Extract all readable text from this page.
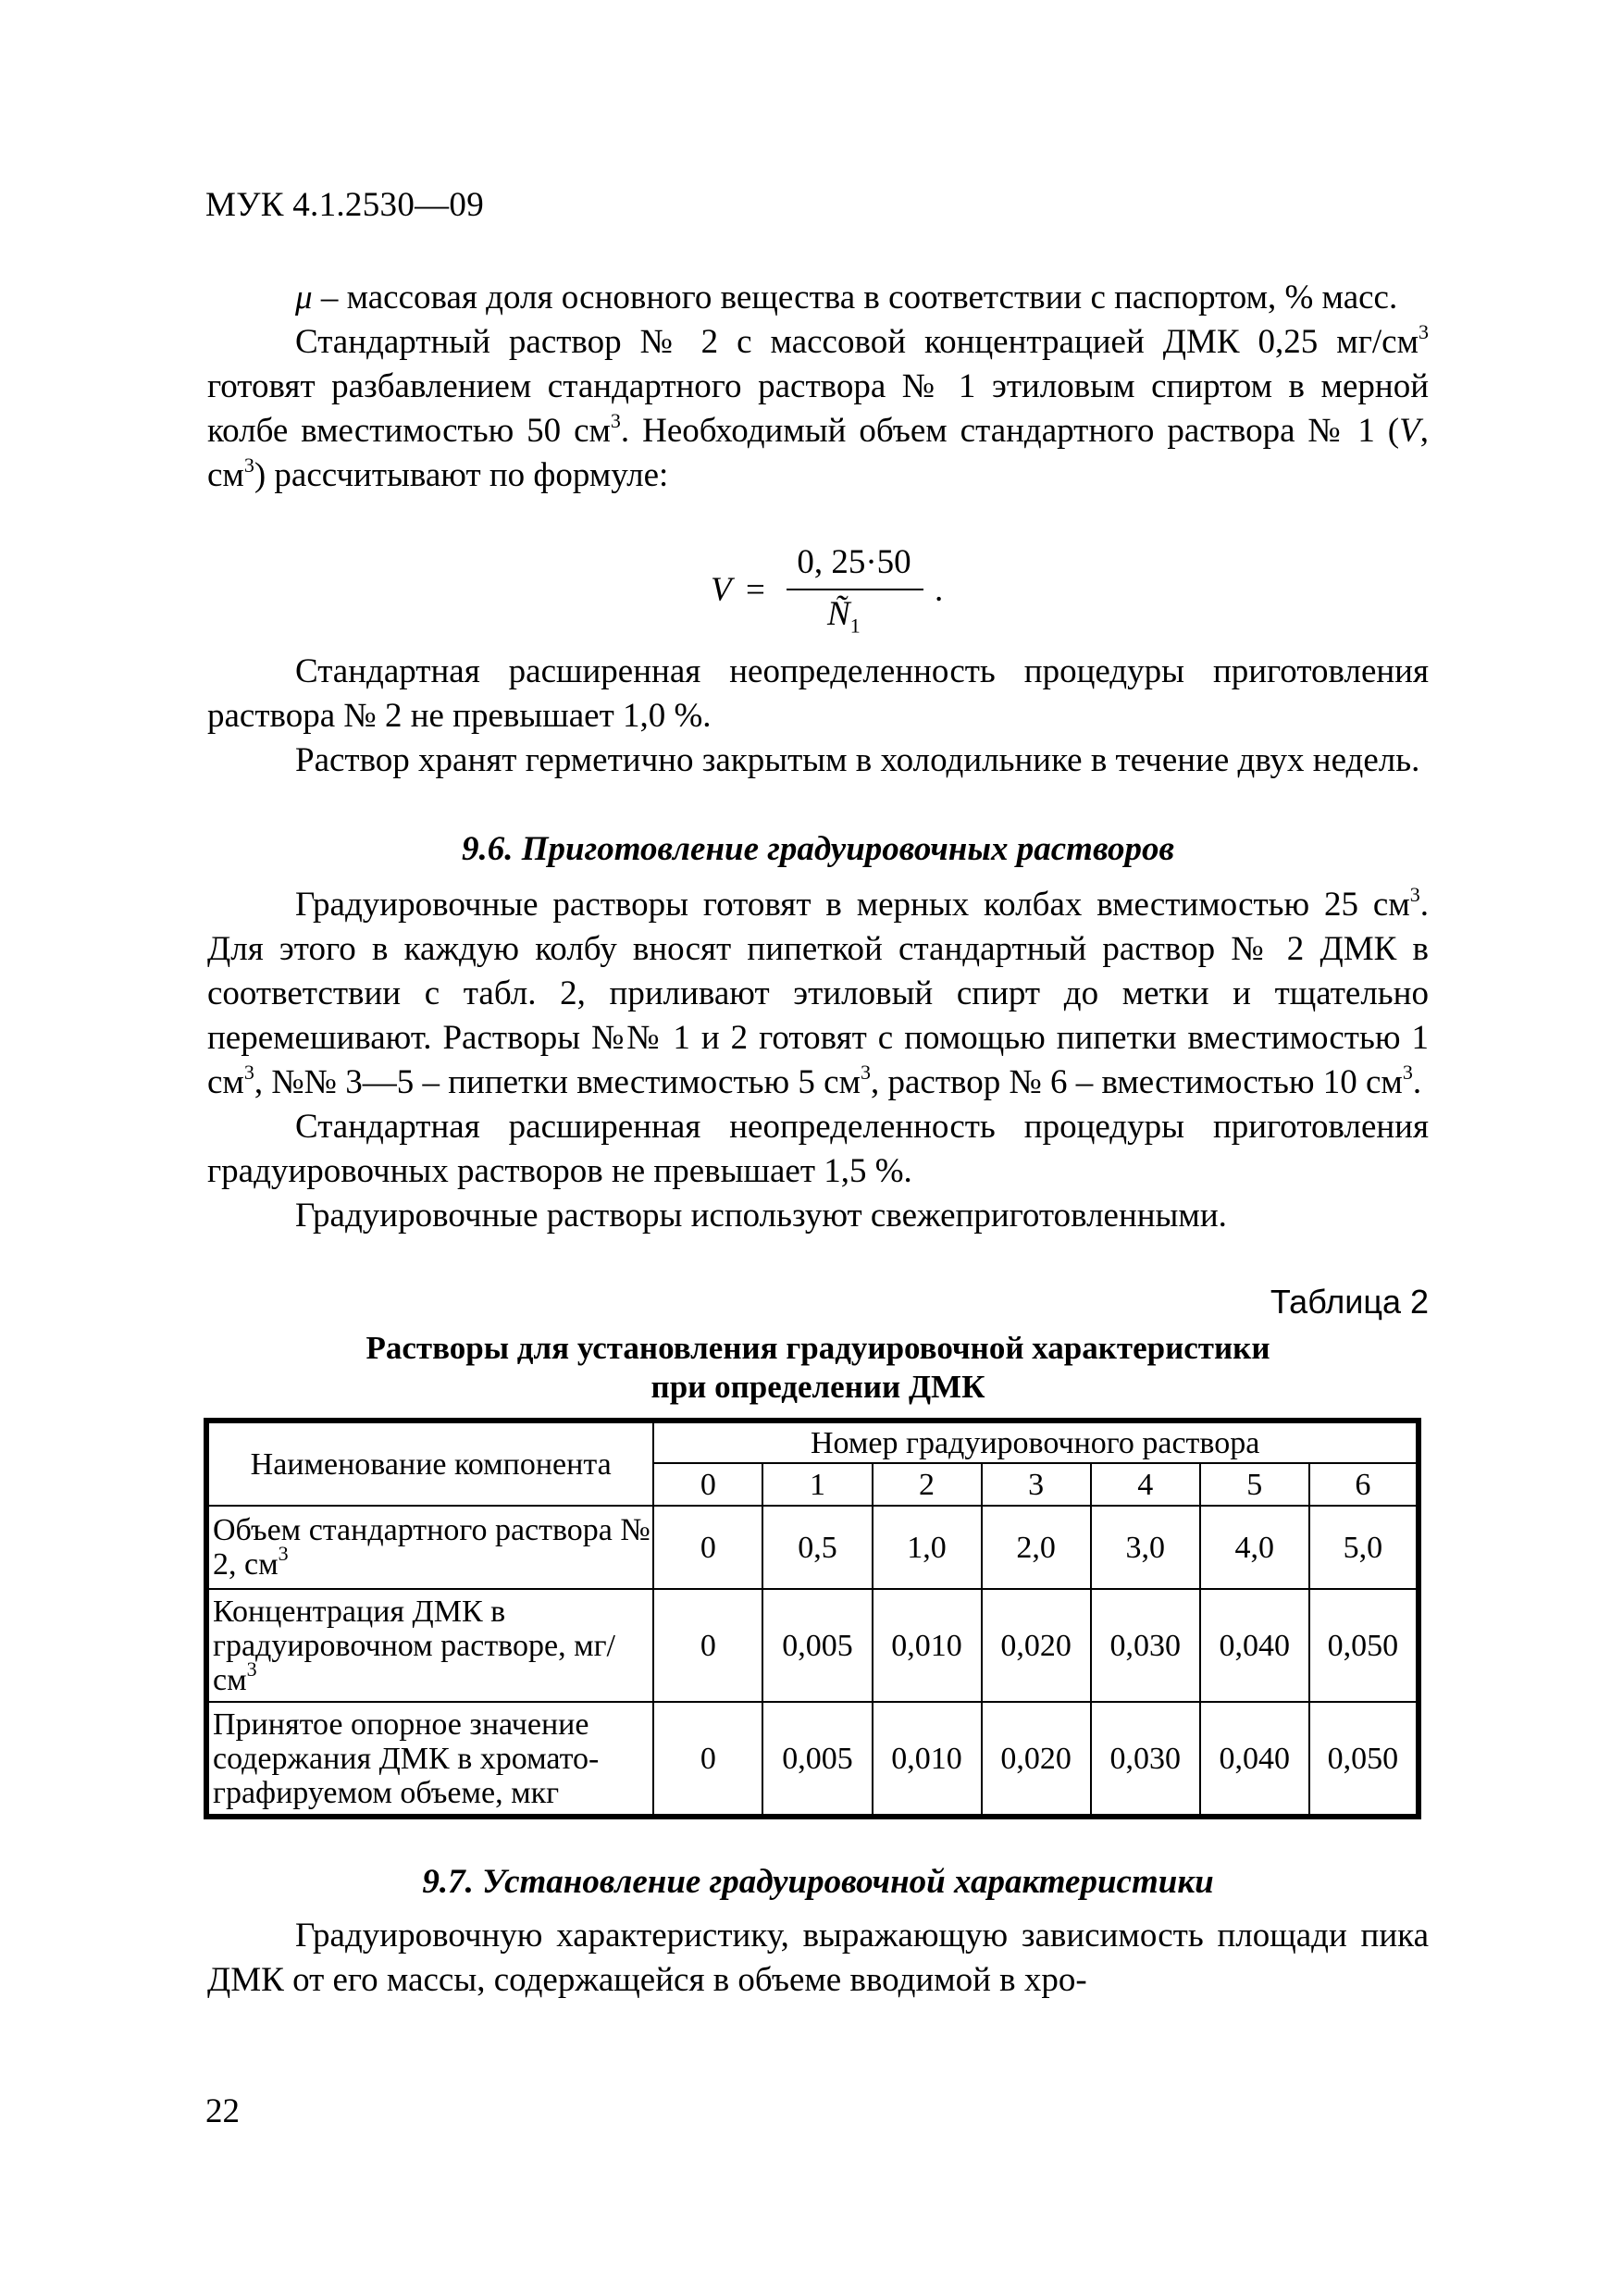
МУК 4.1.2530—09

μ – массовая доля основного вещества в соответствии с паспортом, % масс.

Стандартный раствор № 2 с массовой концентрацией ДМК 0,25 $мг/см^3$ готовят разбавлением стандартного раствора № 1 этиловым спиртом в мерной колбе вместимостью 50 $см^3$. Необходимый объем стандартного раствора № 1 (V, $см^3$) рассчитывают по формуле:

V =
0, 25·50
$Ñ_1$
.

Стандартная расширенная неопределенность процедуры приготовления раствора № 2 не превышает 1,0 %.

Раствор хранят герметично закрытым в холодильнике в течение двух недель.

9.6. Приготовление градуировочных растворов

Градуировочные растворы готовят в мерных колбах вместимостью 25 $см^3$. Для этого в каждую колбу вносят пипеткой стандартный раствор № 2 ДМК в соответствии с табл. 2, приливают этиловый спирт до метки и тщательно перемешивают. Растворы №№ 1 и 2 готовят с помощью пипетки вместимостью 1 $см^3$, №№ 3—5 – пипетки вместимостью 5 $см^3$, раствор № 6 – вместимостью 10 $см^3$.

Стандартная расширенная неопределенность процедуры приготовления градуировочных растворов не превышает 1,5 %.

Градуировочные растворы используют свежеприготовленными.

Таблица 2
Растворы для установления градуировочной характеристики
при определении ДМК
Наименование компонента	Номер градуировочного раствора						
	0	1	2	3	4	5	6
Объем стандартного раствора № 2, $см^3$	0	0,5	1,0	2,0	3,0	4,0	5,0
Концентрация ДМК в градуировочном растворе, $мг/см^3$	0	0,005	0,010	0,020	0,030	0,040	0,050
Принятое опорное значение содержания ДМК в хромато-графируемом объеме, мкг	0	0,005	0,010	0,020	0,030	0,040	0,050
9.7. Установление градуировочной характеристики

Градуировочную характеристику, выражающую зависимость площади пика ДМК от его массы, содержащейся в объеме вводимой в хро-

22
